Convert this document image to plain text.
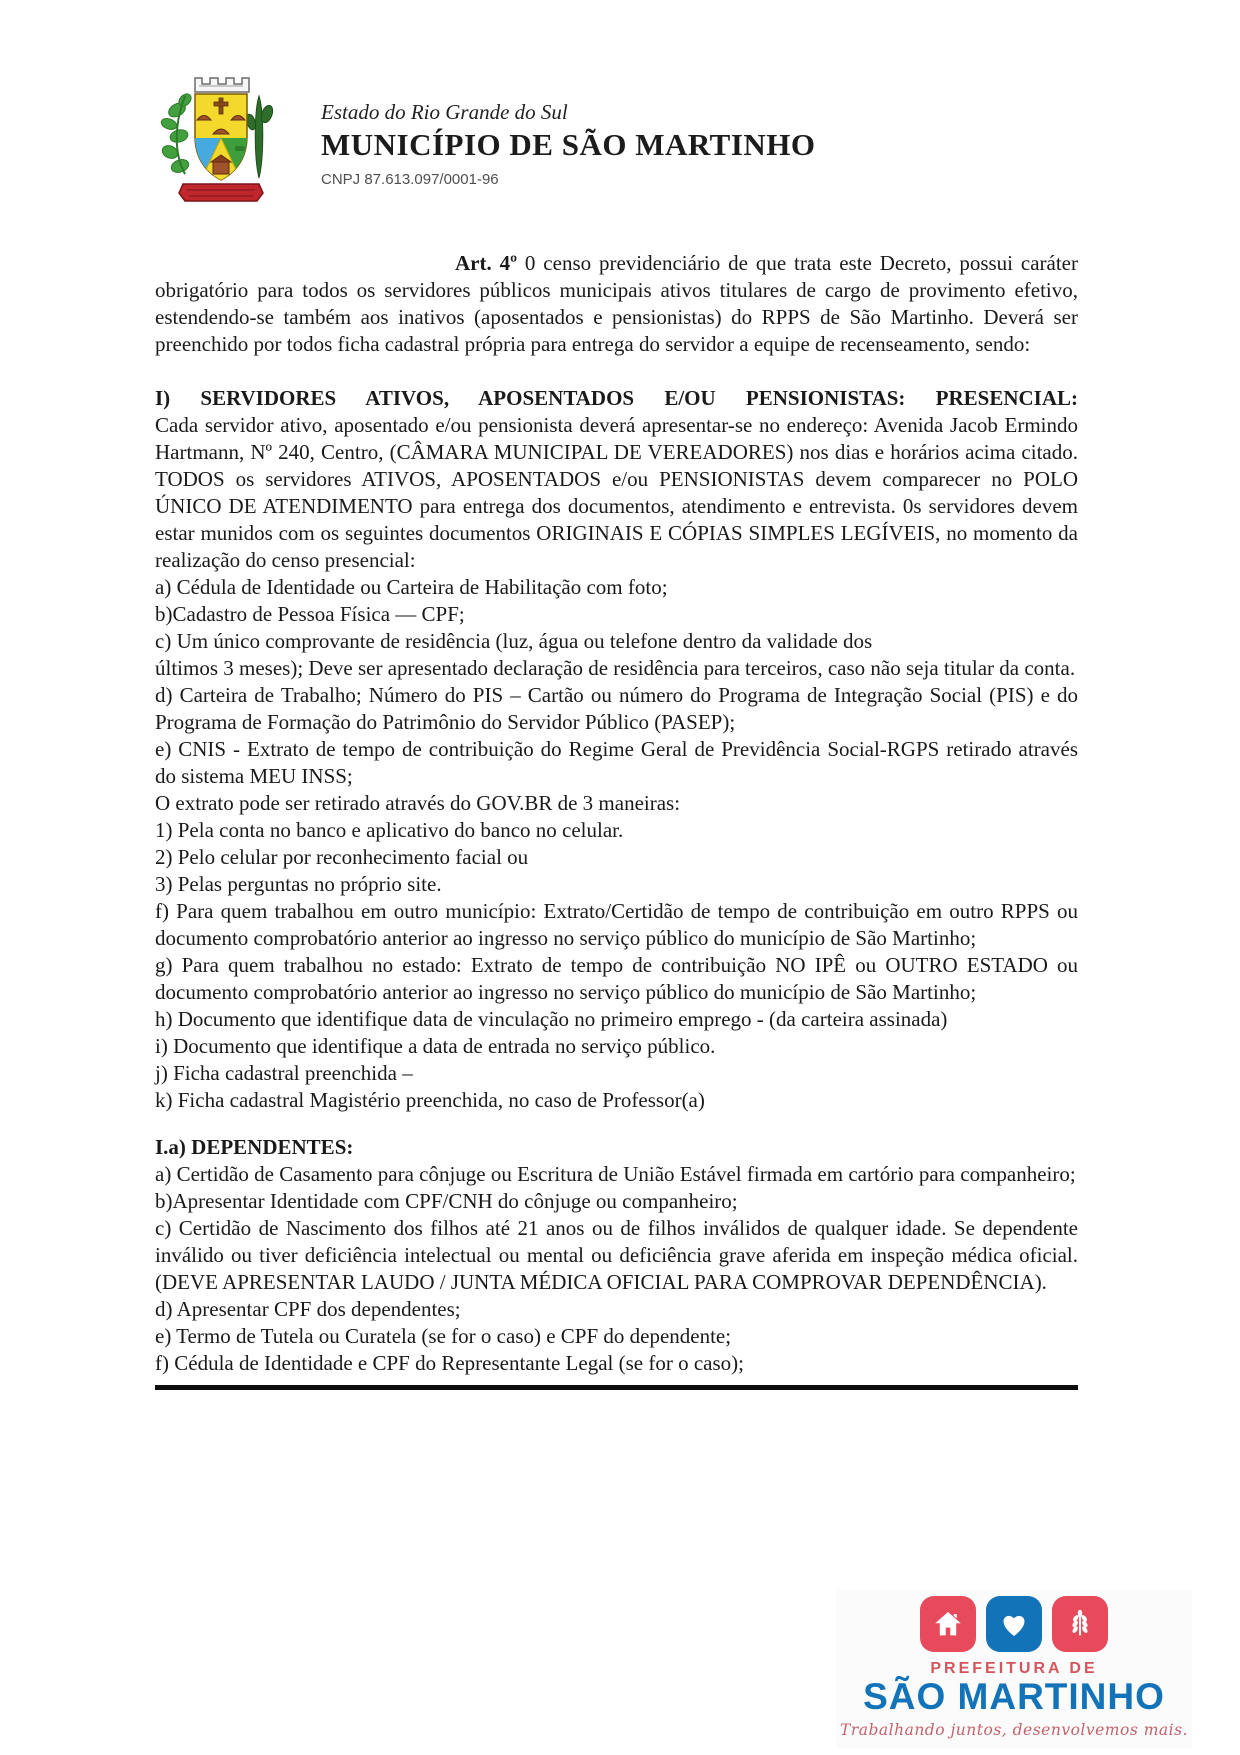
Estado do Rio Grande do Sul
MUNICÍPIO DE SÃO MARTINHO
CNPJ 87.613.097/0001-96

Art. 4º 0 censo previdenciário de que trata este Decreto, possui caráter obrigatório para todos os servidores públicos municipais ativos titulares de cargo de provimento efetivo, estendendo-se também aos inativos (aposentados e pensionistas) do RPPS de São Martinho. Deverá ser preenchido por todos ficha cadastral própria para entrega do servidor a equipe de recenseamento, sendo:

I) SERVIDORES ATIVOS, APOSENTADOS E/OU PENSIONISTAS: PRESENCIAL:

Cada servidor ativo, aposentado e/ou pensionista deverá apresentar-se no endereço: Avenida Jacob Ermindo Hartmann, Nº 240, Centro, (CÂMARA MUNICIPAL DE VEREADORES) nos dias e horários acima citado. TODOS os servidores ATIVOS, APOSENTADOS e/ou PENSIONISTAS devem comparecer no POLO ÚNICO DE ATENDIMENTO para entrega dos documentos, atendimento e entrevista. 0s servidores devem estar munidos com os seguintes documentos ORIGINAIS E CÓPIAS SIMPLES LEGÍVEIS, no momento da realização do censo presencial:

a) Cédula de Identidade ou Carteira de Habilitação com foto;

b)Cadastro de Pessoa Física — CPF;

c) Um único comprovante de residência (luz, água ou telefone dentro da validade dos

últimos 3 meses); Deve ser apresentado declaração de residência para terceiros, caso não seja titular da conta.

d) Carteira de Trabalho; Número do PIS – Cartão ou número do Programa de Integração Social (PIS) e do Programa de Formação do Patrimônio do Servidor Público (PASEP);

e) CNIS - Extrato de tempo de contribuição do Regime Geral de Previdência Social-RGPS retirado através do sistema MEU INSS;

O extrato pode ser retirado através do GOV.BR de 3 maneiras:

1) Pela conta no banco e aplicativo do banco no celular.

2) Pelo celular por reconhecimento facial ou

3) Pelas perguntas no próprio site.

f) Para quem trabalhou em outro município: Extrato/Certidão de tempo de contribuição em outro RPPS ou documento comprobatório anterior ao ingresso no serviço público do município de São Martinho;

g) Para quem trabalhou no estado: Extrato de tempo de contribuição NO IPÊ ou OUTRO ESTADO ou documento comprobatório anterior ao ingresso no serviço público do município de São Martinho;

h) Documento que identifique data de vinculação no primeiro emprego - (da carteira assinada)

i) Documento que identifique a data de entrada no serviço público.

j) Ficha cadastral preenchida –

k) Ficha cadastral Magistério preenchida, no caso de Professor(a)

I.a) DEPENDENTES:

a) Certidão de Casamento para cônjuge ou Escritura de União Estável firmada em cartório para companheiro;

b)Apresentar Identidade com CPF/CNH do cônjuge ou companheiro;

c) Certidão de Nascimento dos filhos até 21 anos ou de filhos inválidos de qualquer idade. Se dependente inválido ou tiver deficiência intelectual ou mental ou deficiência grave aferida em inspeção médica oficial. (DEVE APRESENTAR LAUDO / JUNTA MÉDICA OFICIAL PARA COMPROVAR DEPENDÊNCIA).

d) Apresentar CPF dos dependentes;

e) Termo de Tutela ou Curatela (se for o caso) e CPF do dependente;

f) Cédula de Identidade e CPF do Representante Legal (se for o caso);

PREFEITURA DE
SÃO MARTINHO
Trabalhando juntos, desenvolvemos mais.
